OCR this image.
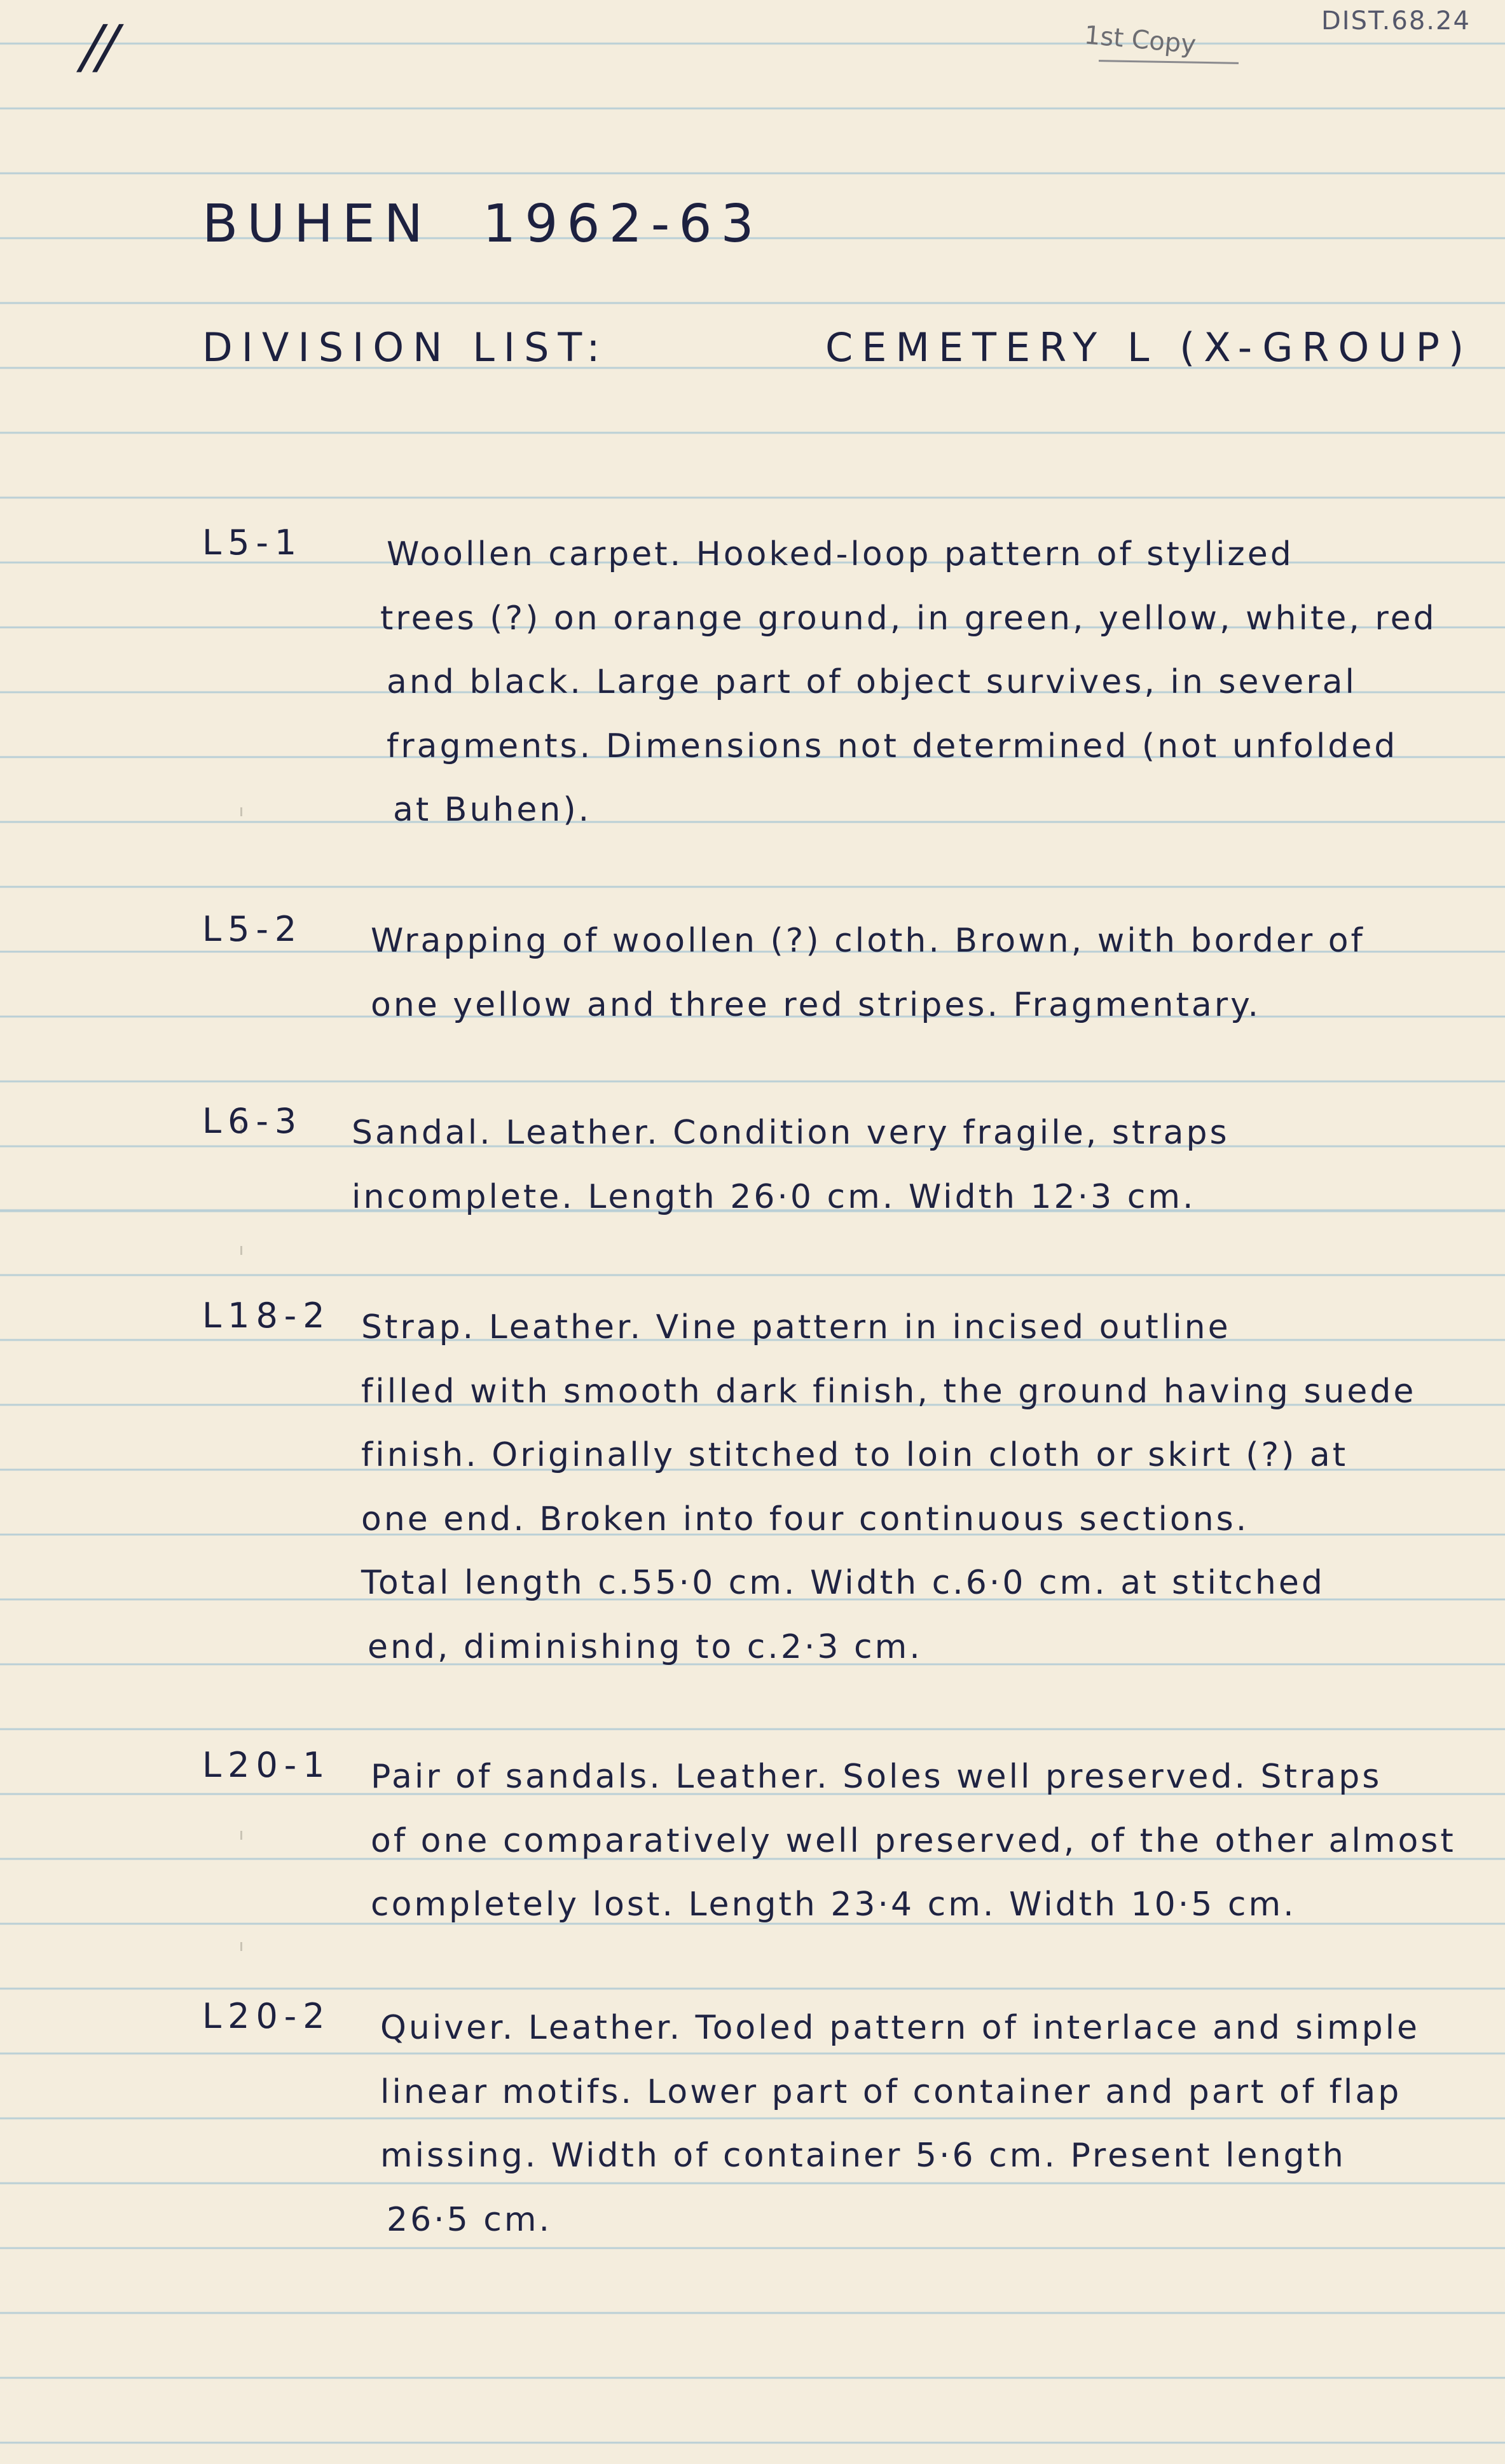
//	1st Copy	DIST.68.24
BUHEN 1962-63
DIVISION LIST:	CEMETERY L (X-GROUP)
L5-1	Woollen carpet. Hooked-loop pattern of stylized
trees (?) on orange ground, in green, yellow, white, red
and black. Large part of object survives, in several
fragments. Dimensions not determined (not unfolded
at Buhen).
L5-2 Wrapping of woollen (?) cloth. Brown, with border of
one yellow and three red stripes. Fragmentary.
L6-3 Sandal. Leather. Condition very fragile, straps
incomplete. Length 26·0 cm. Width 12·3 cm.
L18-2 Strap. Leather. Vine pattern in incised outline
filled with smooth dark finish, the ground having suede
finish. Originally stitched to loin cloth or skirt (?) at
one end. Broken into four continuous sections.
Total length c.55·0 cm. Width c.6·0 cm. at stitched
end, diminishing to c.2·3 cm.
L20-1 Pair of sandals. Leather. Soles well preserved. Straps
of one comparatively well preserved, of the other almost
completely lost. Length 23·4 cm. Width 10·5 cm.
L20-2 Quiver. Leather. Tooled pattern of interlace and simple
linear motifs. Lower part of container and part of flap
missing. Width of container 5·6 cm. Present length
26·5 cm.
